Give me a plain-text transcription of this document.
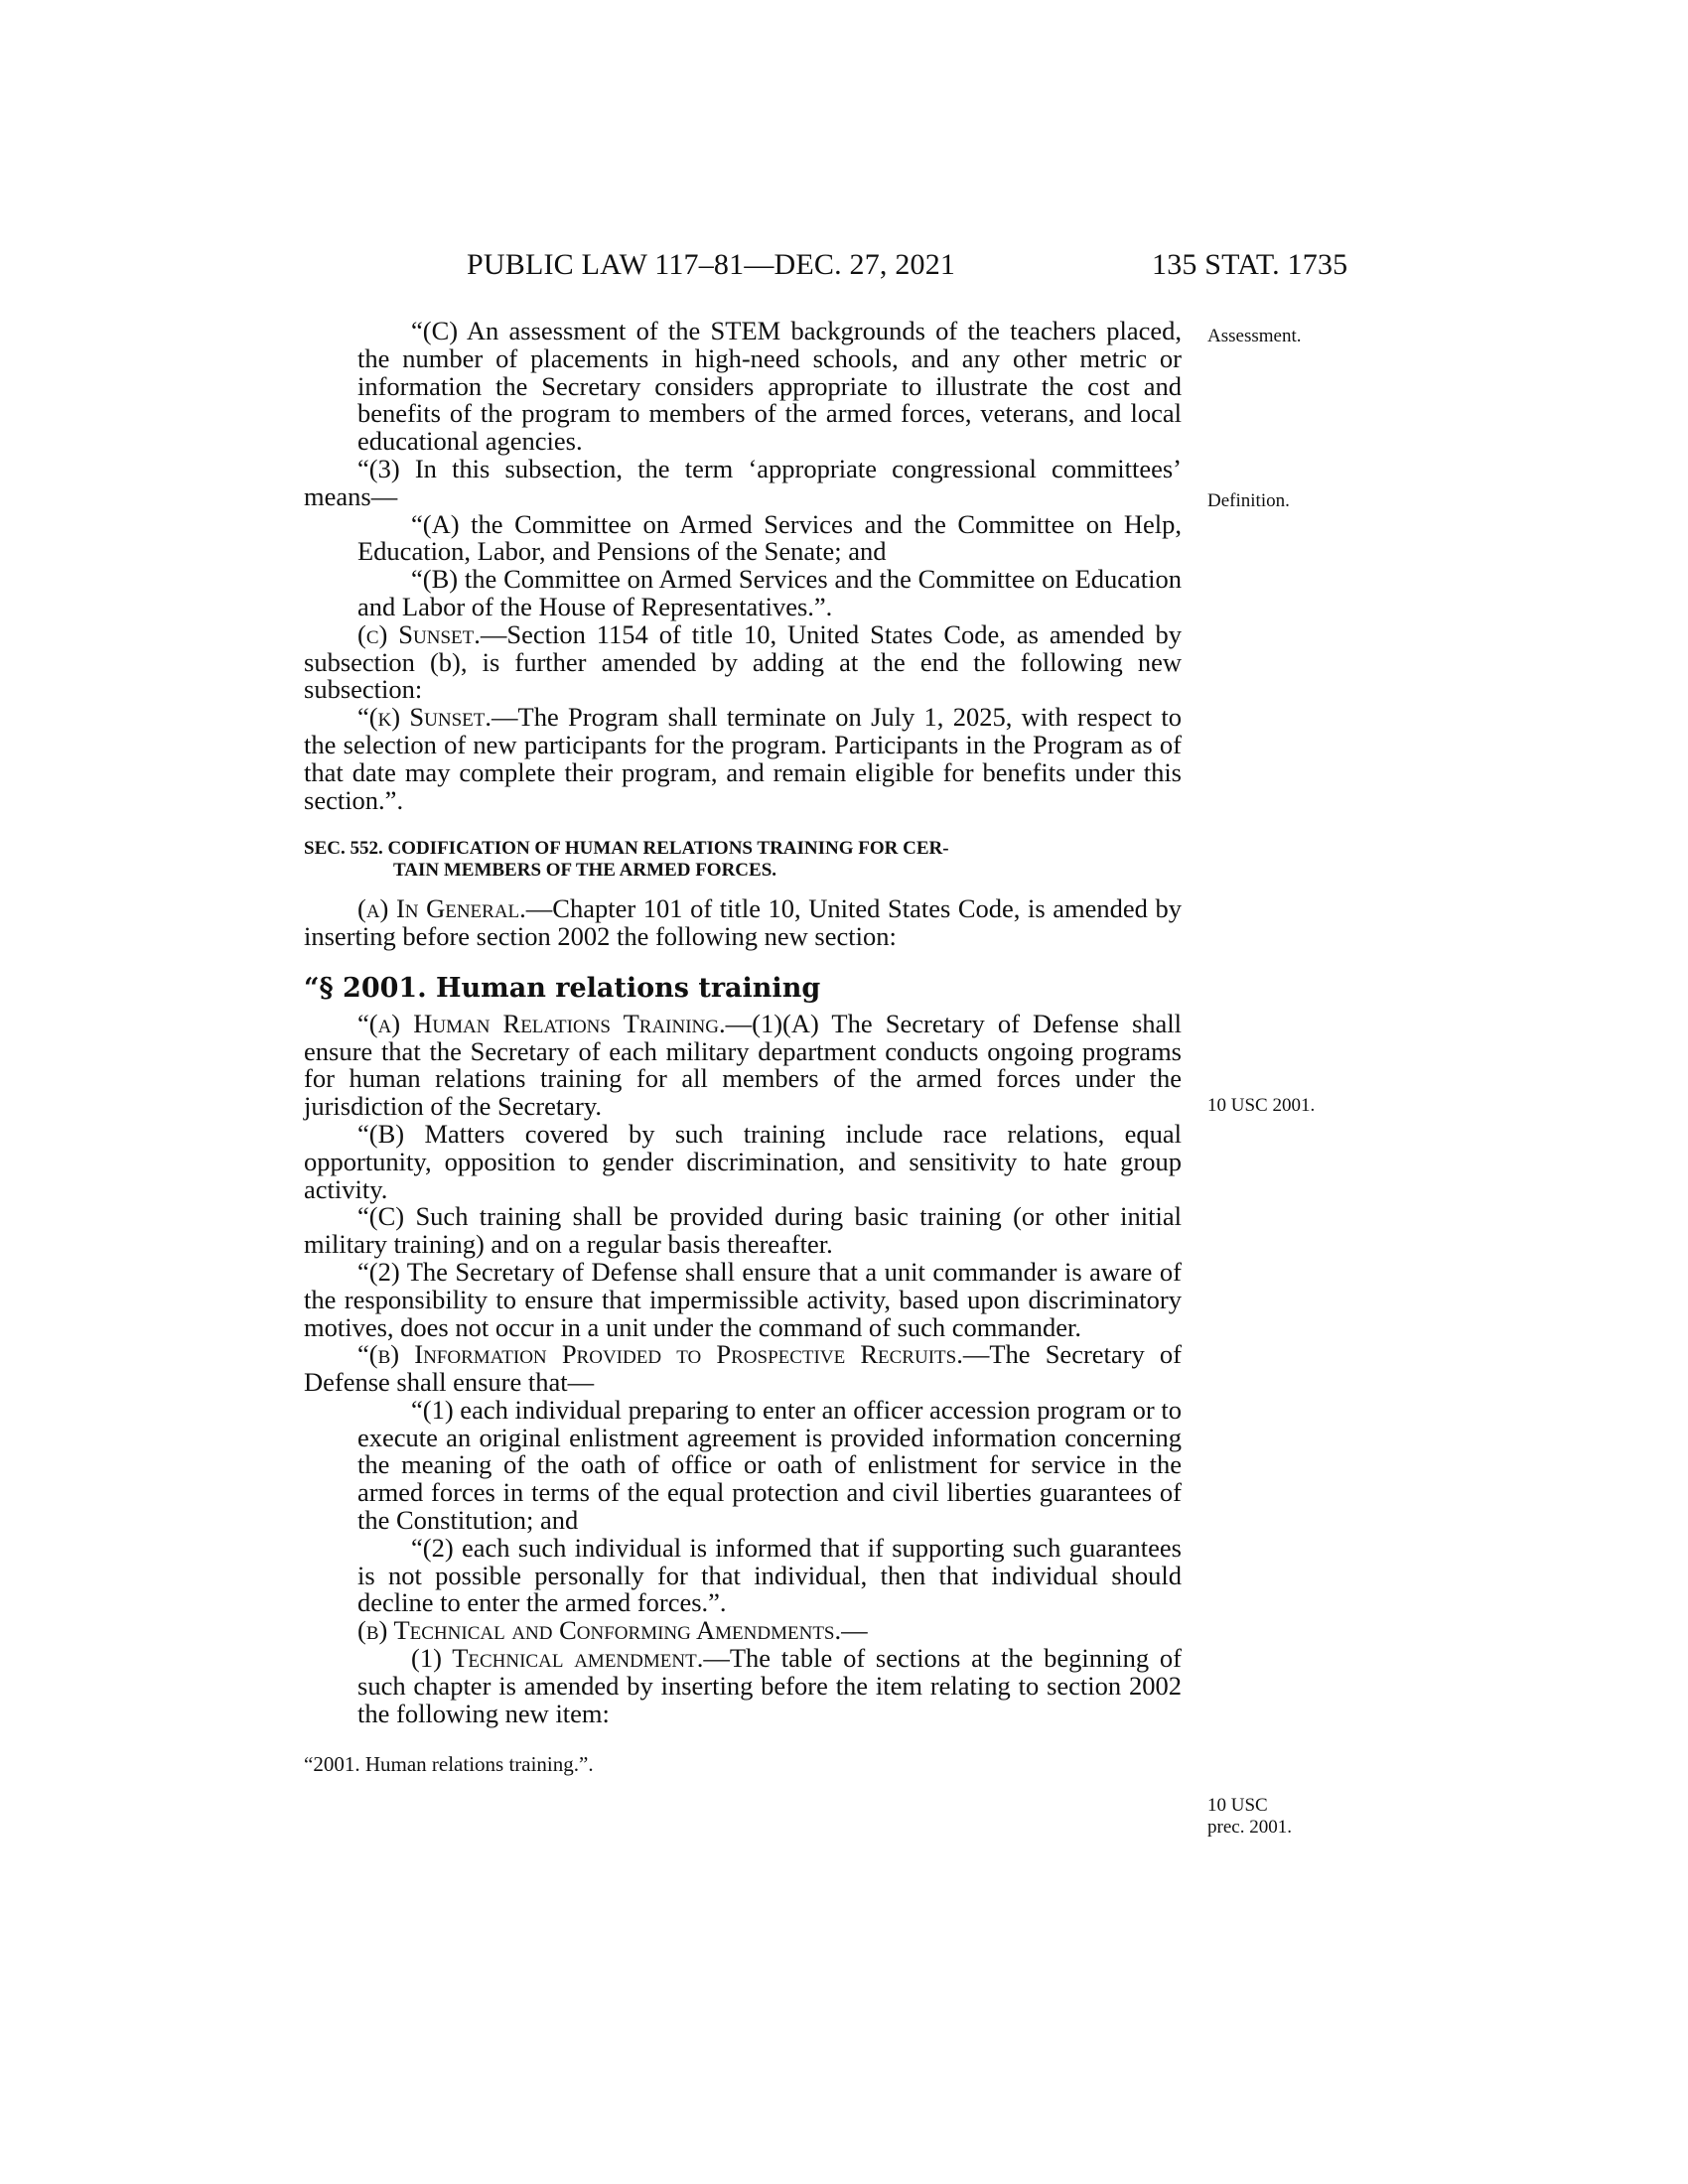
PUBLIC LAW 117–81—DEC. 27, 2021	135 STAT. 1735
Assessment.
Definition.
10 USC 2001.
10 USC
prec. 2001.

“(C) An assessment of the STEM backgrounds of the teachers placed, the number of placements in high-need schools, and any other metric or information the Secretary considers appropriate to illustrate the cost and benefits of the program to members of the armed forces, veterans, and local educational agencies.

“(3) In this subsection, the term ‘appropriate congressional committees’ means—

“(A) the Committee on Armed Services and the Committee on Help, Education, Labor, and Pensions of the Senate; and

“(B) the Committee on Armed Services and the Committee on Education and Labor of the House of Representatives.”.

(c) Sunset.—Section 1154 of title 10, United States Code, as amended by subsection (b), is further amended by adding at the end the following new subsection:

“(k) Sunset.—The Program shall terminate on July 1, 2025, with respect to the selection of new participants for the program. Participants in the Program as of that date may complete their program, and remain eligible for benefits under this section.”.

SEC. 552. CODIFICATION OF HUMAN RELATIONS TRAINING FOR CER-
TAIN MEMBERS OF THE ARMED FORCES.

(a) In General.—Chapter 101 of title 10, United States Code, is amended by inserting before section 2002 the following new section:

“§ 2001. Human relations training

“(a) Human Relations Training.—(1)(A) The Secretary of Defense shall ensure that the Secretary of each military department conducts ongoing programs for human relations training for all members of the armed forces under the jurisdiction of the Secretary.

“(B) Matters covered by such training include race relations, equal opportunity, opposition to gender discrimination, and sensitivity to hate group activity.

“(C) Such training shall be provided during basic training (or other initial military training) and on a regular basis thereafter.

“(2) The Secretary of Defense shall ensure that a unit commander is aware of the responsibility to ensure that impermissible activity, based upon discriminatory motives, does not occur in a unit under the command of such commander.

“(b) Information Provided to Prospective Recruits.—The Secretary of Defense shall ensure that—

“(1) each individual preparing to enter an officer accession program or to execute an original enlistment agreement is provided information concerning the meaning of the oath of office or oath of enlistment for service in the armed forces in terms of the equal protection and civil liberties guarantees of the Constitution; and

“(2) each such individual is informed that if supporting such guarantees is not possible personally for that individual, then that individual should decline to enter the armed forces.”.

(b) Technical and Conforming Amendments.—

(1) Technical amendment.—The table of sections at the beginning of such chapter is amended by inserting before the item relating to section 2002 the following new item:

“2001. Human relations training.”.
